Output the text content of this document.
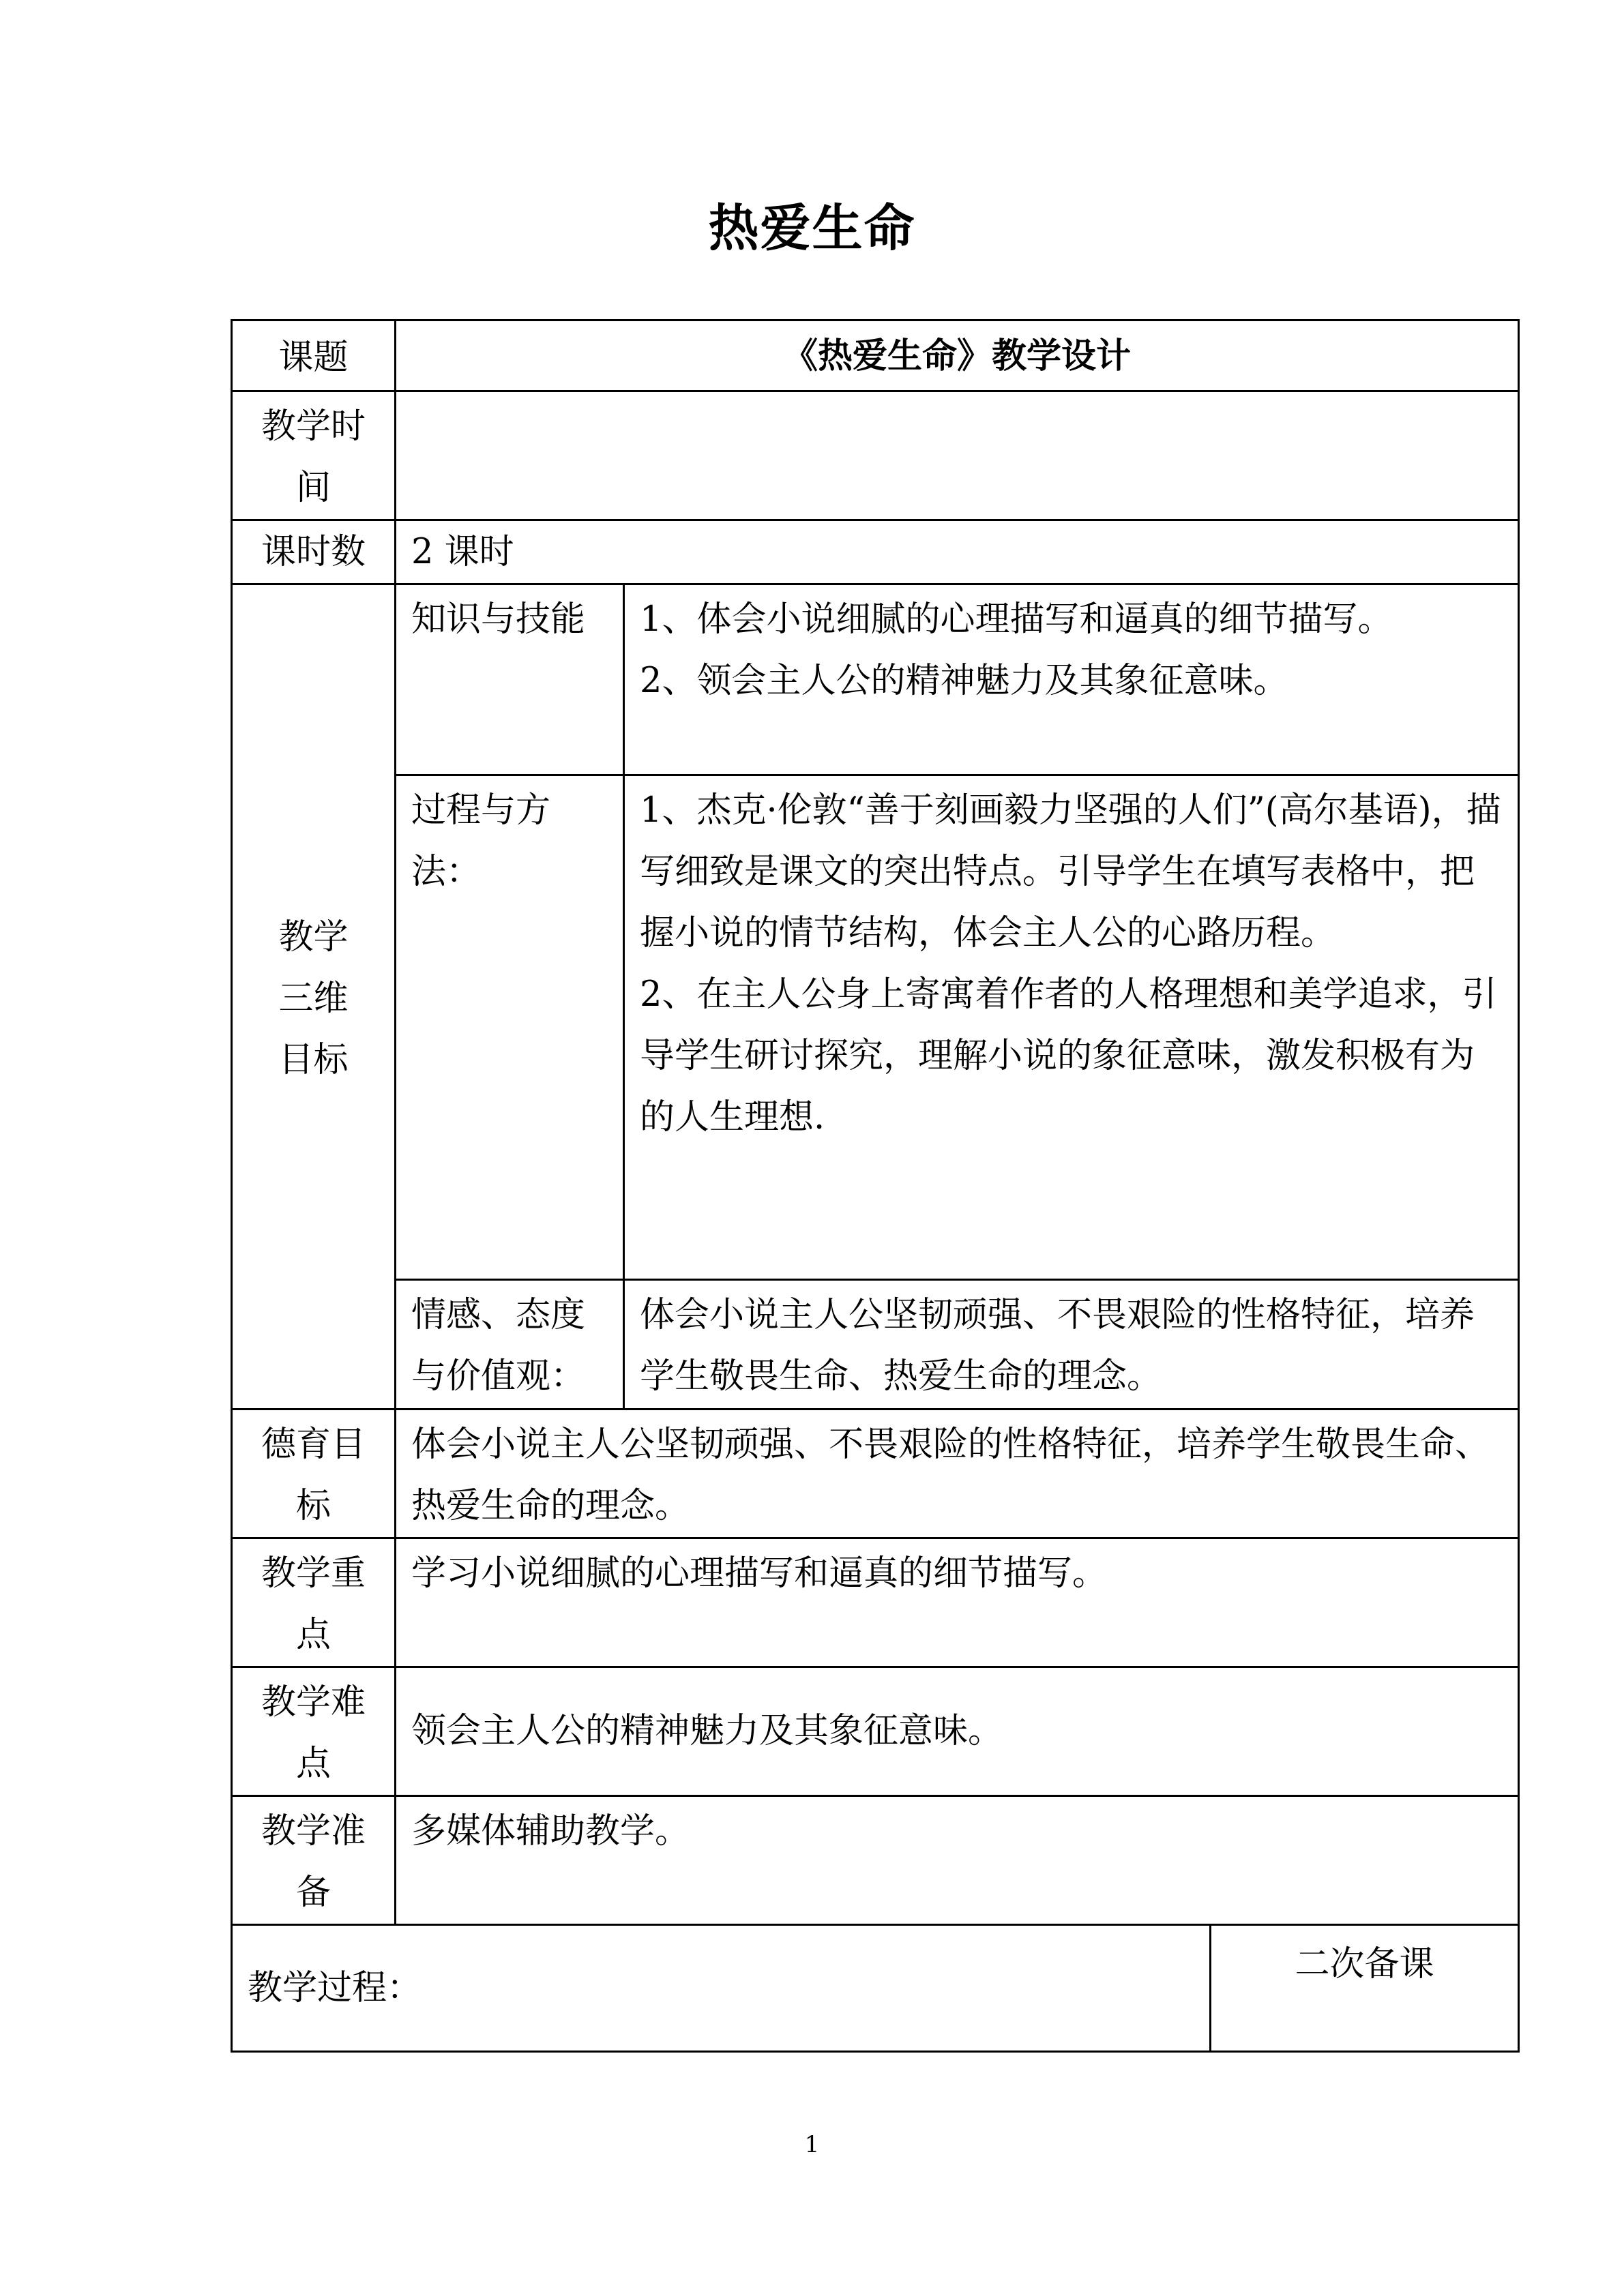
热爱生命
课题	《热爱生命》教学设计		

教学时间			

课时数	2 课时		

教学三维目标	知识与技能	1、体会小说细腻的心理描写和逼真的细节描写。

2、领会主人公的精神魅力及其象征意味。	

	过程与方法：	1、杰克·伦敦“善于刻画毅力坚强的人们”(高尔基语)，描写细致是课文的突出特点。引导学生在填写表格中，把握小说的情节结构，体会主人公的心路历程。

2、在主人公身上寄寓着作者的人格理想和美学追求，引导学生研讨探究，理解小说的象征意味，激发积极有为的人生理想.	

	情感、态度与价值观：	体会小说主人公坚韧顽强、不畏艰险的性格特征，培养学生敬畏生命、热爱生命的理念。	

德育目标	体会小说主人公坚韧顽强、不畏艰险的性格特征，培养学生敬畏生命、热爱生命的理念。		

教学重点	学习小说细腻的心理描写和逼真的细节描写。		

教学难点	领会主人公的精神魅力及其象征意味。		

教学准备	多媒体辅助教学。		
教学过程：			二次备课
1
